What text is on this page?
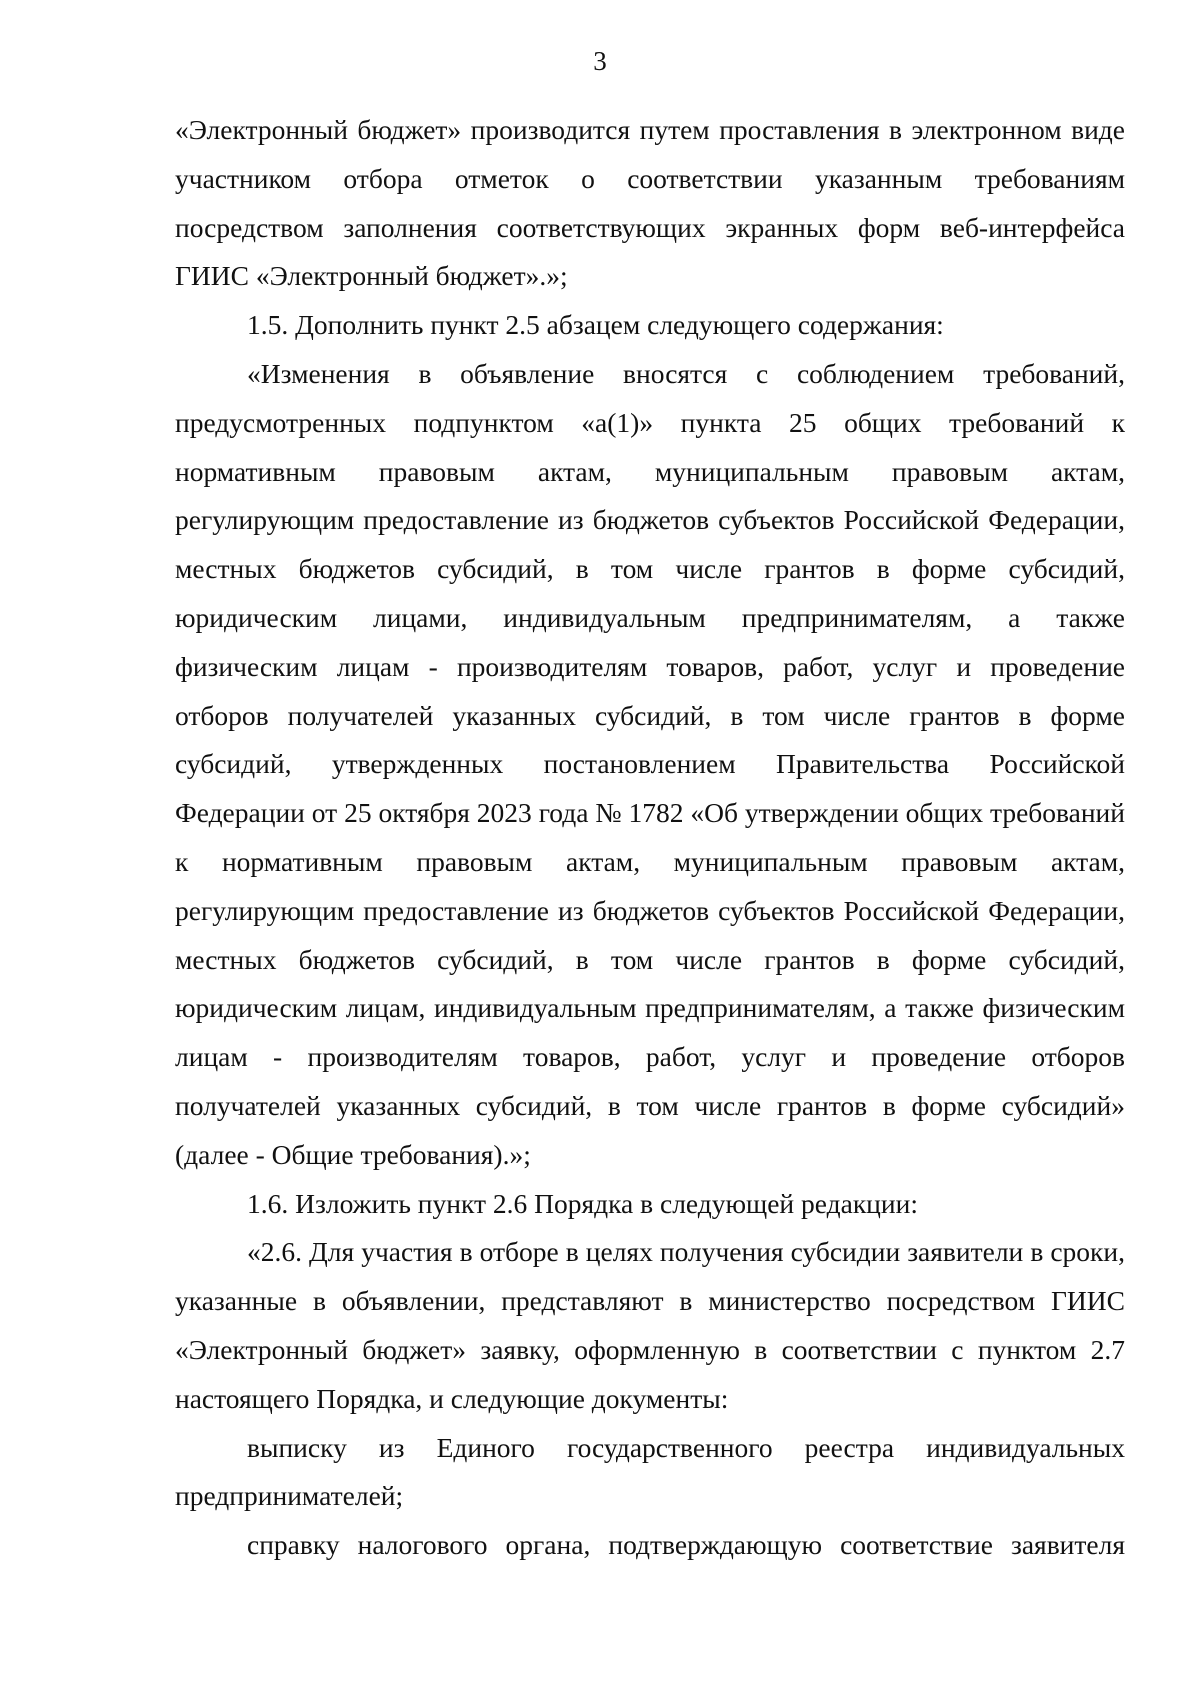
3

«Электронный бюджет» производится путем проставления в электронном виде участником отбора отметок о соответствии указанным требованиям посредством заполнения соответствующих экранных форм веб-интерфейса ГИИС «Электронный бюджет».»;

1.5. Дополнить пункт 2.5 абзацем следующего содержания:

«Изменения в объявление вносятся с соблюдением требований, предусмотренных подпунктом «а(1)» пункта 25 общих требований к нормативным правовым актам, муниципальным правовым актам, регулирующим предоставление из бюджетов субъектов Российской Федерации, местных бюджетов субсидий, в том числе грантов в форме субсидий, юридическим лицами, индивидуальным предпринимателям, а также физическим лицам - производителям товаров, работ, услуг и проведение отборов получателей указанных субсидий, в том числе грантов в форме субсидий, утвержденных постановлением Правительства Российской Федерации от 25 октября 2023 года № 1782 «Об утверждении общих требований к нормативным правовым актам, муниципальным правовым актам, регулирующим предоставление из бюджетов субъектов Российской Федерации, местных бюджетов субсидий, в том числе грантов в форме субсидий, юридическим лицам, индивидуальным предпринимателям, а также физическим лицам - производителям товаров, работ, услуг и проведение отборов получателей указанных субсидий, в том числе грантов в форме субсидий» (далее - Общие требования).»;

1.6. Изложить пункт 2.6 Порядка в следующей редакции:

«2.6. Для участия в отборе в целях получения субсидии заявители в сроки, указанные в объявлении, представляют в министерство посредством ГИИС «Электронный бюджет» заявку, оформленную в соответствии с пунктом 2.7 настоящего Порядка, и следующие документы:

выписку из Единого государственного реестра индивидуальных предпринимателей;

справку налогового органа, подтверждающую соответствие заявителя
